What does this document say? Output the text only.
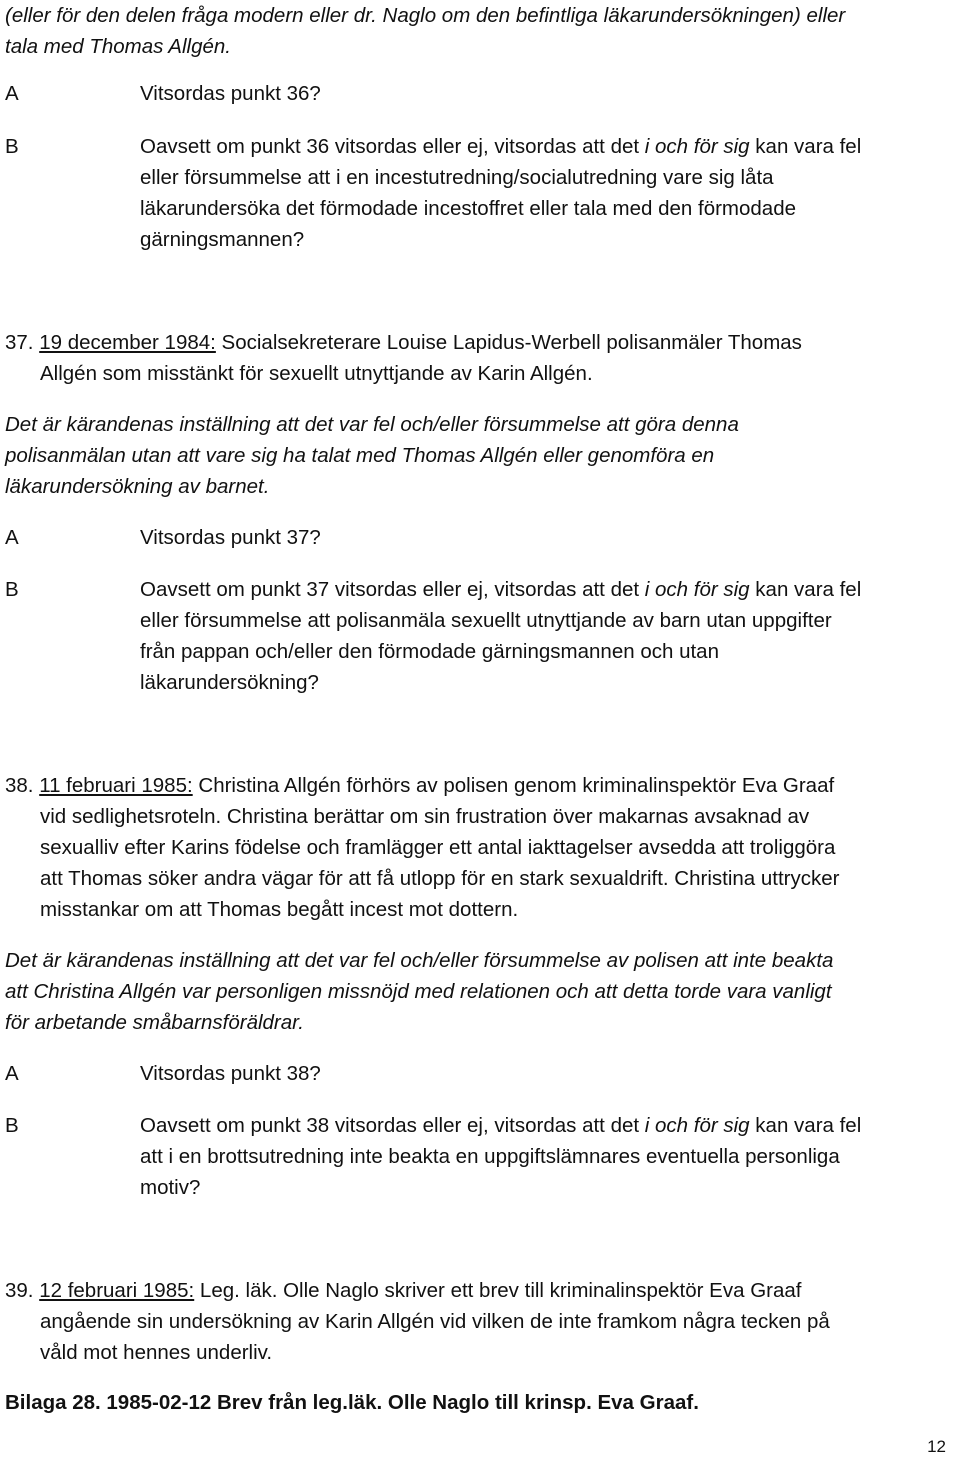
(eller för den delen fråga modern eller dr. Naglo om den befintliga läkarundersökningen) eller
tala med Thomas Allgén.
A	Vitsordas punkt 36?
B	Oavsett om punkt 36 vitsordas eller ej, vitsordas att det i och för sig kan vara fel
eller försummelse att i en incestutredning/socialutredning vare sig låta
läkarundersöka det förmodade incestoffret eller tala med den förmodade
gärningsmannen?
37. 19 december 1984: Socialsekreterare Louise Lapidus-Werbell polisanmäler Thomas
Allgén som misstänkt för sexuellt utnyttjande av Karin Allgén.
Det är kärandenas inställning att det var fel och/eller försummelse att göra denna
polisanmälan utan att vare sig ha talat med Thomas Allgén eller genomföra en
läkarundersökning av barnet.
A	Vitsordas punkt 37?
B	Oavsett om punkt 37 vitsordas eller ej, vitsordas att det i och för sig kan vara fel
eller försummelse att polisanmäla sexuellt utnyttjande av barn utan uppgifter
från pappan och/eller den förmodade gärningsmannen och utan
läkarundersökning?
38. 11 februari 1985: Christina Allgén förhörs av polisen genom kriminalinspektör Eva Graaf
vid sedlighetsroteln. Christina berättar om sin frustration över makarnas avsaknad av
sexualliv efter Karins födelse och framlägger ett antal iakttagelser avsedda att troliggöra
att Thomas söker andra vägar för att få utlopp för en stark sexualdrift. Christina uttrycker
misstankar om att Thomas begått incest mot dottern.
Det är kärandenas inställning att det var fel och/eller försummelse av polisen att inte beakta
att Christina Allgén var personligen missnöjd med relationen och att detta torde vara vanligt
för arbetande småbarnsföräldrar.
A	Vitsordas punkt 38?
B	Oavsett om punkt 38 vitsordas eller ej, vitsordas att det i och för sig kan vara fel
att i en brottsutredning inte beakta en uppgiftslämnares eventuella personliga
motiv?
39. 12 februari 1985: Leg. läk. Olle Naglo skriver ett brev till kriminalinspektör Eva Graaf
angående sin undersökning av Karin Allgén vid vilken de inte framkom några tecken på
våld mot hennes underliv.
Bilaga 28. 1985-02-12 Brev från leg.läk. Olle Naglo till krinsp. Eva Graaf.
12
